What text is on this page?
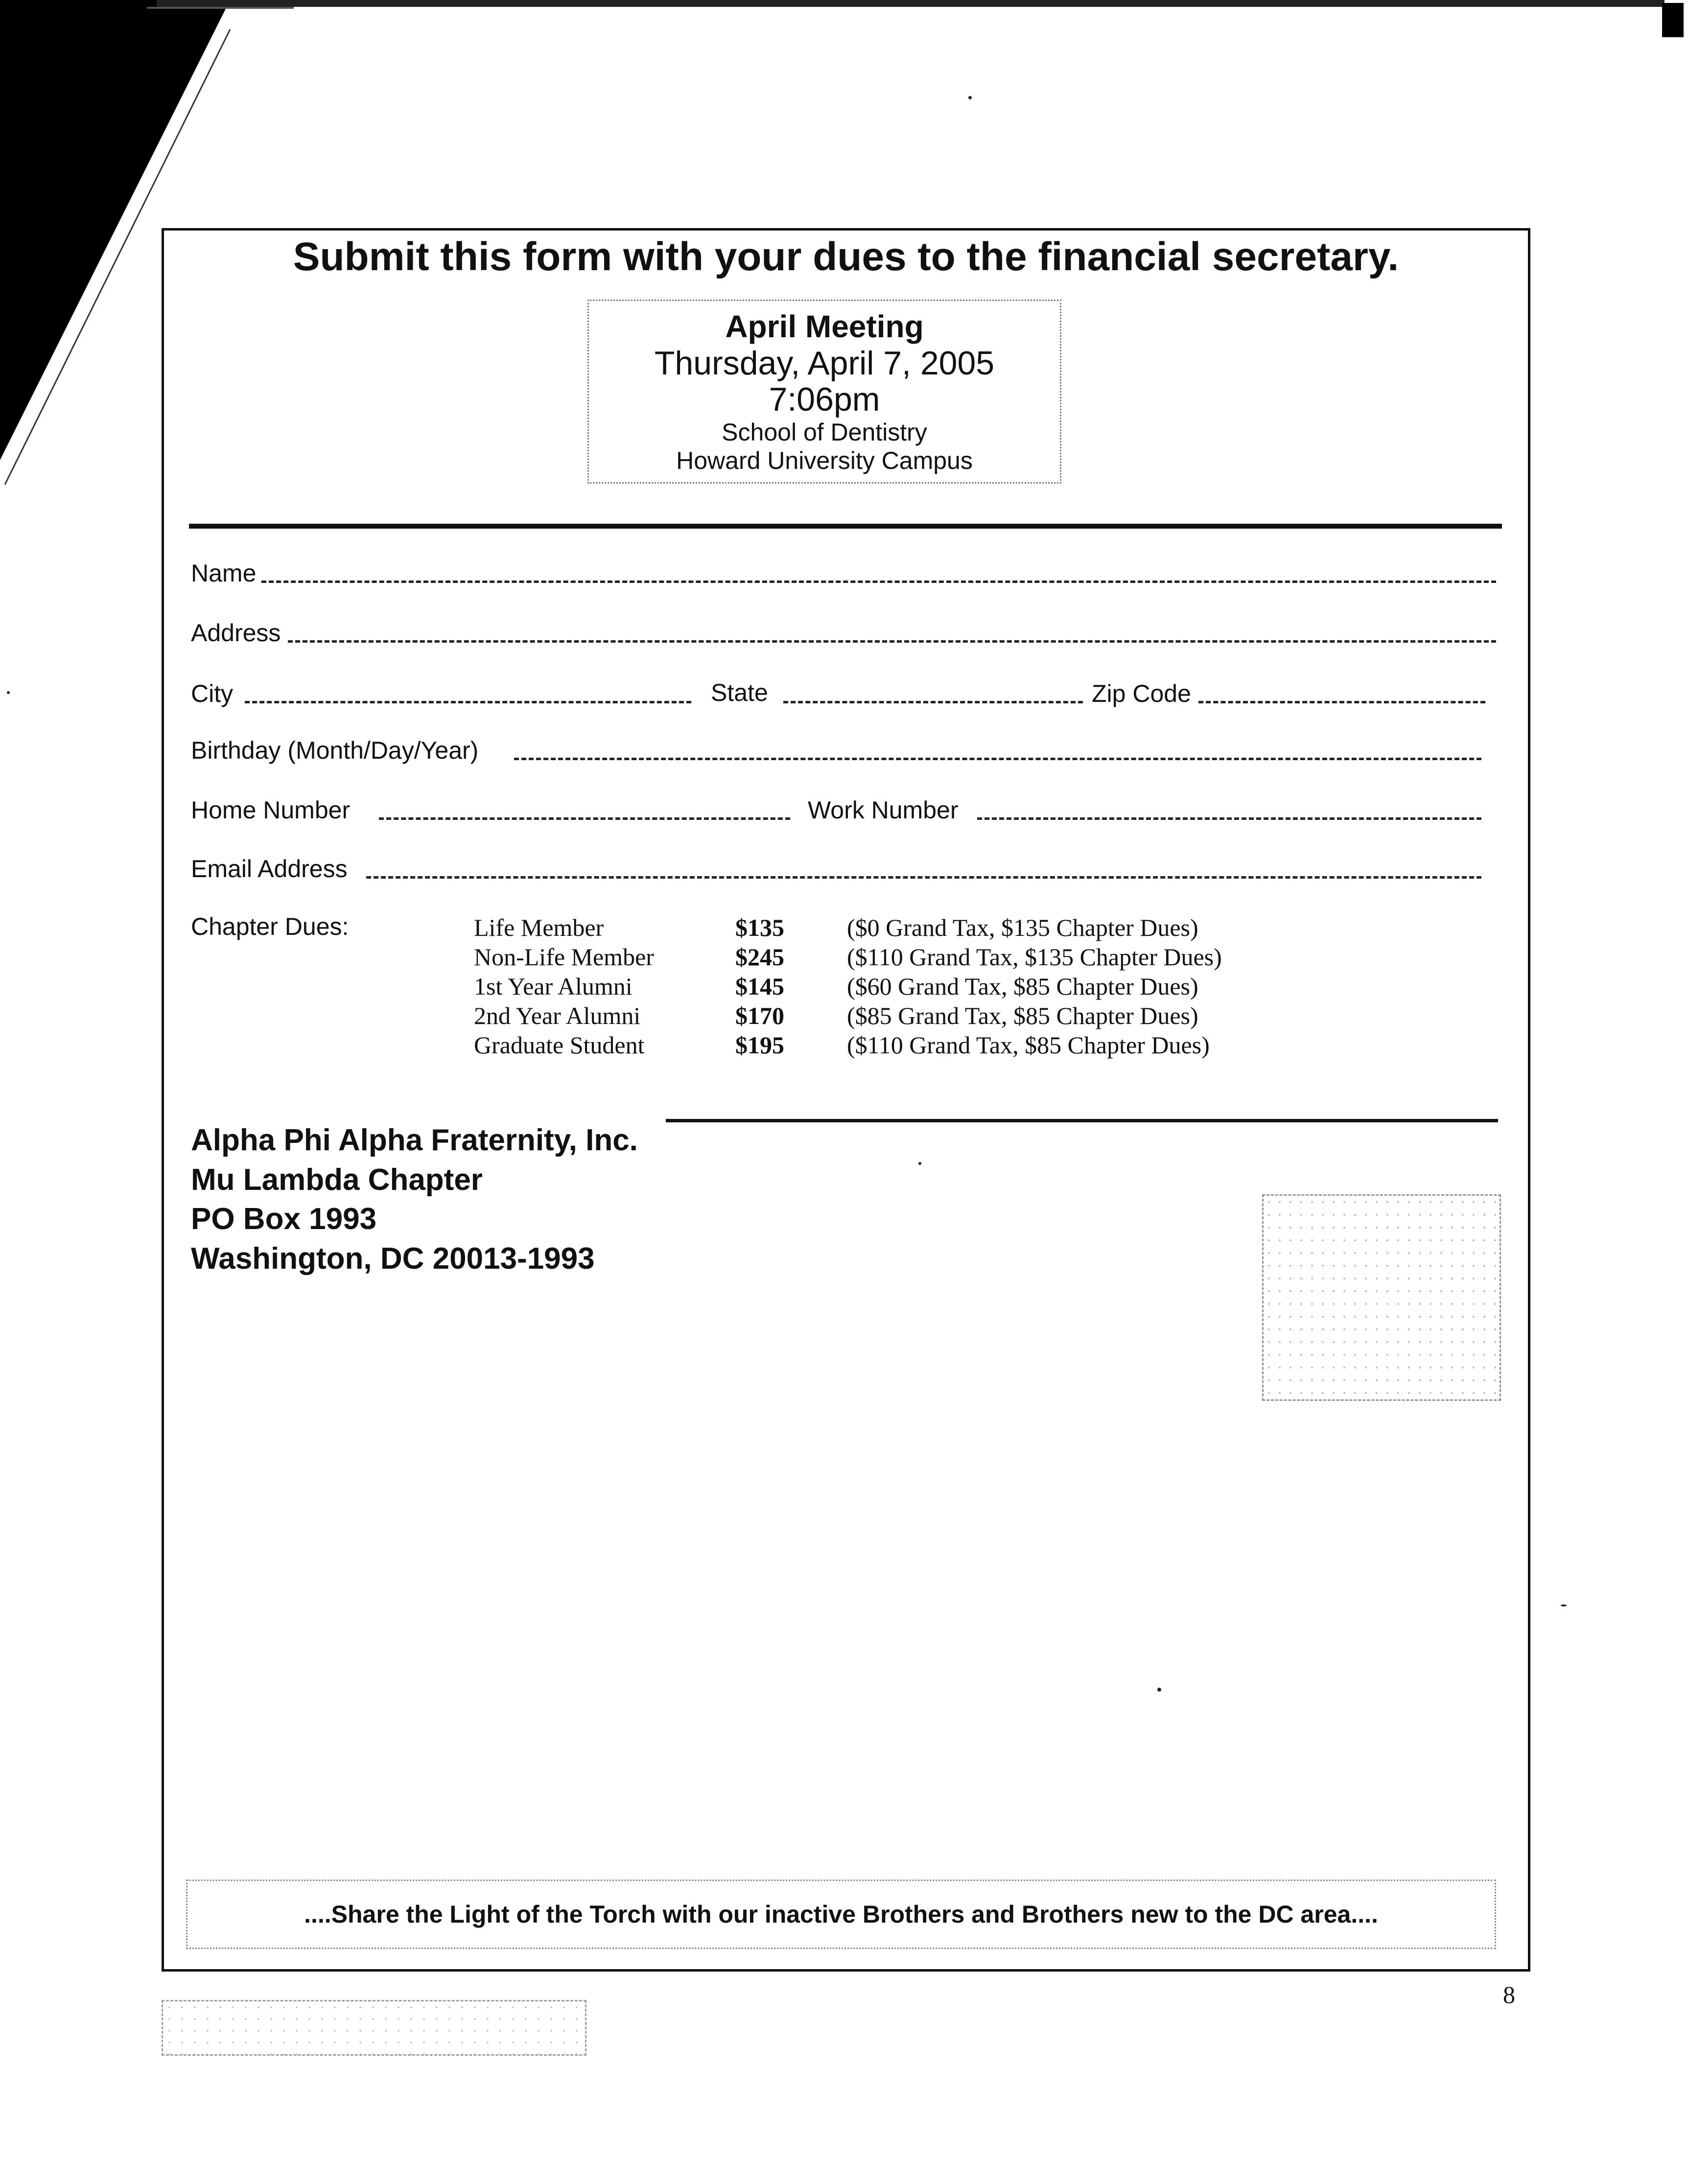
Submit this form with your dues to the financial secretary.
April Meeting
Thursday, April 7, 2005
7:06pm
School of Dentistry
Howard University Campus
Name
Address
City	State	Zip Code
Birthday (Month/Day/Year)
Home Number	Work Number
Email Address
Chapter Dues:	Life Member	$135	($0 Grand Tax, $135 Chapter Dues)
Non-Life Member	$245	($110 Grand Tax, $135 Chapter Dues)
1st Year Alumni	$145	($60 Grand Tax, $85 Chapter Dues)
2nd Year Alumni	$170	($85 Grand Tax, $85 Chapter Dues)
Graduate Student	$195	($110 Grand Tax, $85 Chapter Dues)
Alpha Phi Alpha Fraternity, Inc.
Mu Lambda Chapter
PO Box 1993
Washington, DC 20013-1993
....Share the Light of the Torch with our inactive Brothers and Brothers new to the DC area....
8
